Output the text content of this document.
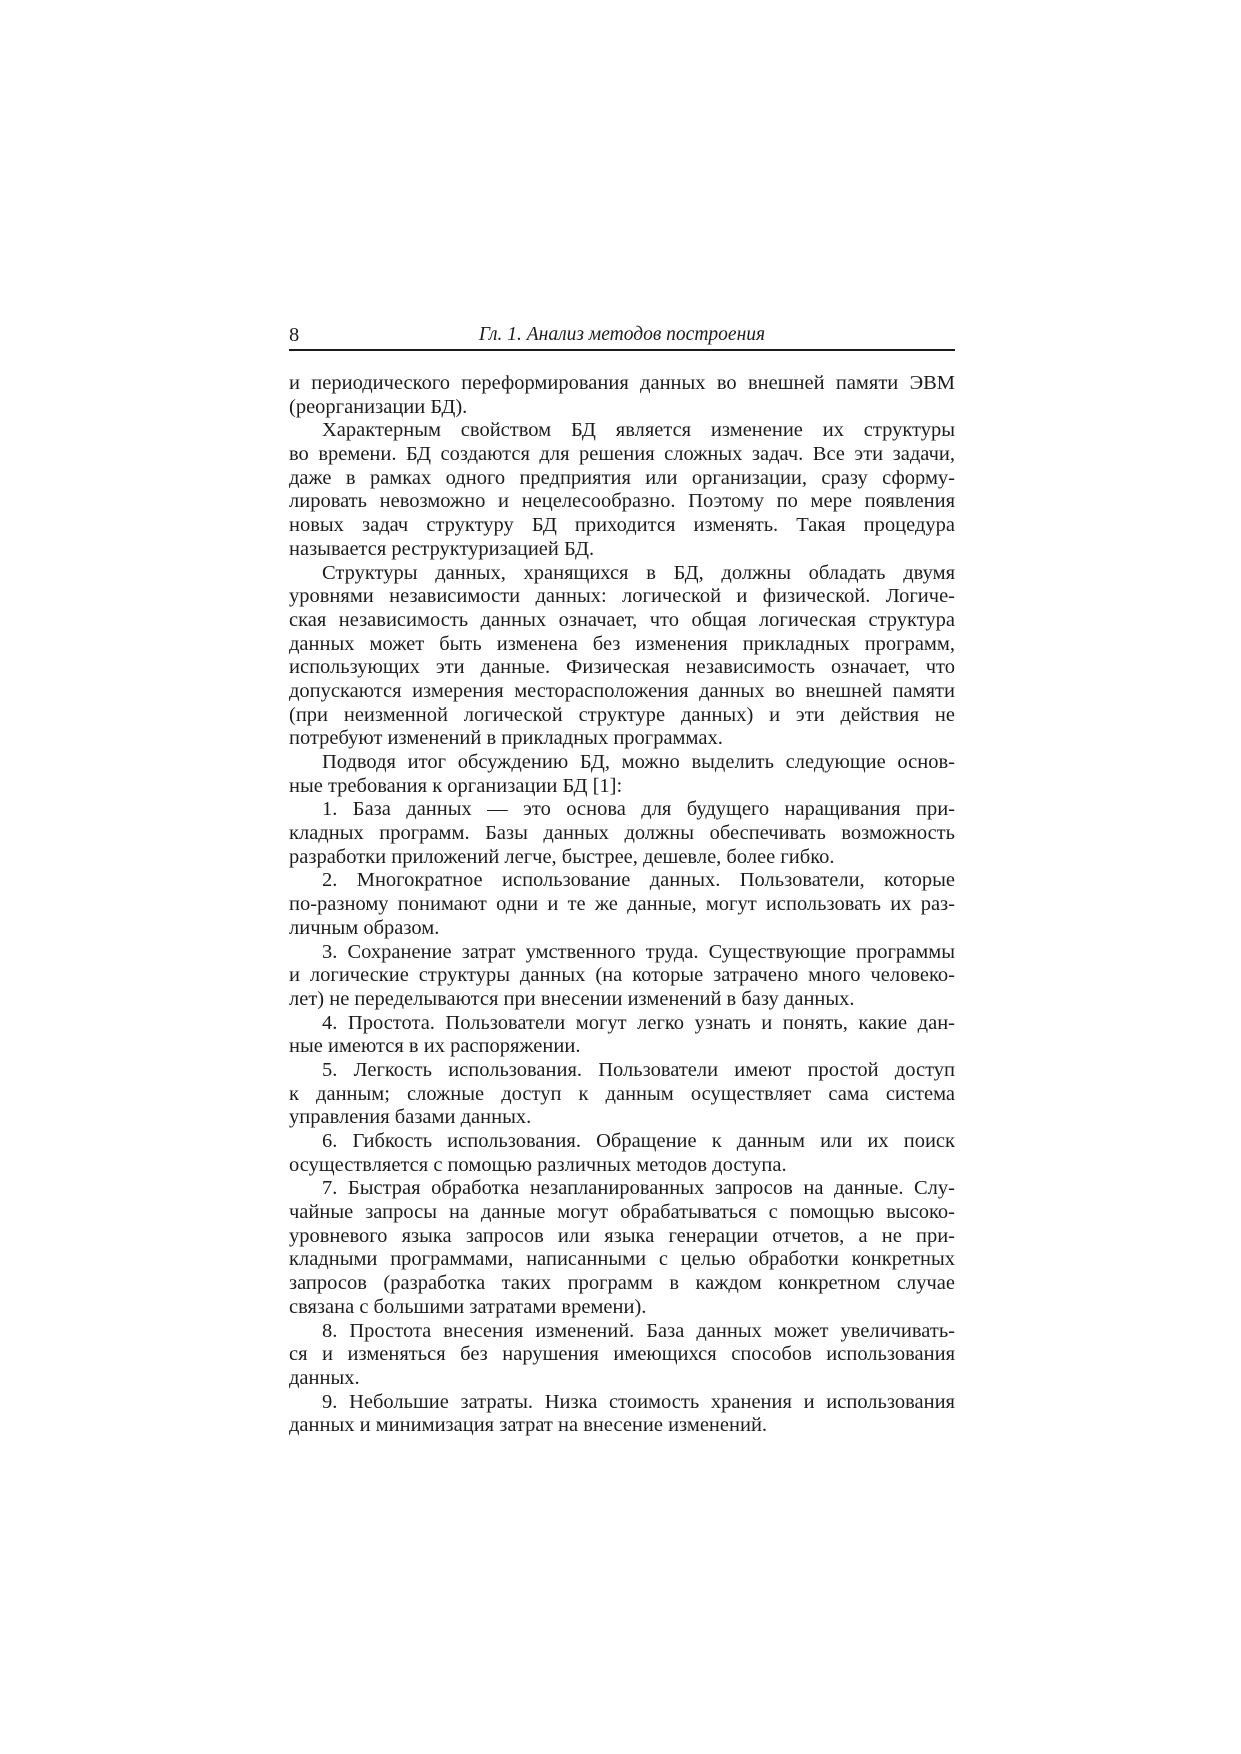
8	Гл. 1. Анализ методов построения
и периодического переформирования данных во внешней памяти ЭВМ
(реорганизации БД).
Характерным свойством БД является изменение их структуры
во времени. БД создаются для решения сложных задач. Все эти задачи,
даже в рамках одного предприятия или организации, сразу сформу-
лировать невозможно и нецелесообразно. Поэтому по мере появления
новых задач структуру БД приходится изменять. Такая процедура
называется реструктуризацией БД.
Структуры данных, хранящихся в БД, должны обладать двумя
уровнями независимости данных: логической и физической. Логиче-
ская независимость данных означает, что общая логическая структура
данных может быть изменена без изменения прикладных программ,
использующих эти данные. Физическая независимость означает, что
допускаются измерения месторасположения данных во внешней памяти
(при неизменной логической структуре данных) и эти действия не
потребуют изменений в прикладных программах.
Подводя итог обсуждению БД, можно выделить следующие основ-
ные требования к организации БД [1]:
1. База данных — это основа для будущего наращивания при-
кладных программ. Базы данных должны обеспечивать возможность
разработки приложений легче, быстрее, дешевле, более гибко.
2. Многократное использование данных. Пользователи, которые
по-разному понимают одни и те же данные, могут использовать их раз-
личным образом.
3. Сохранение затрат умственного труда. Существующие программы
и логические структуры данных (на которые затрачено много человеко-
лет) не переделываются при внесении изменений в базу данных.
4. Простота. Пользователи могут легко узнать и понять, какие дан-
ные имеются в их распоряжении.
5. Легкость использования. Пользователи имеют простой доступ
к данным; сложные доступ к данным осуществляет сама система
управления базами данных.
6. Гибкость использования. Обращение к данным или их поиск
осуществляется с помощью различных методов доступа.
7. Быстрая обработка незапланированных запросов на данные. Слу-
чайные запросы на данные могут обрабатываться с помощью высоко-
уровневого языка запросов или языка генерации отчетов, а не при-
кладными программами, написанными с целью обработки конкретных
запросов (разработка таких программ в каждом конкретном случае
связана с большими затратами времени).
8. Простота внесения изменений. База данных может увеличивать-
ся и изменяться без нарушения имеющихся способов использования
данных.
9. Небольшие затраты. Низка стоимость хранения и использования
данных и минимизация затрат на внесение изменений.
